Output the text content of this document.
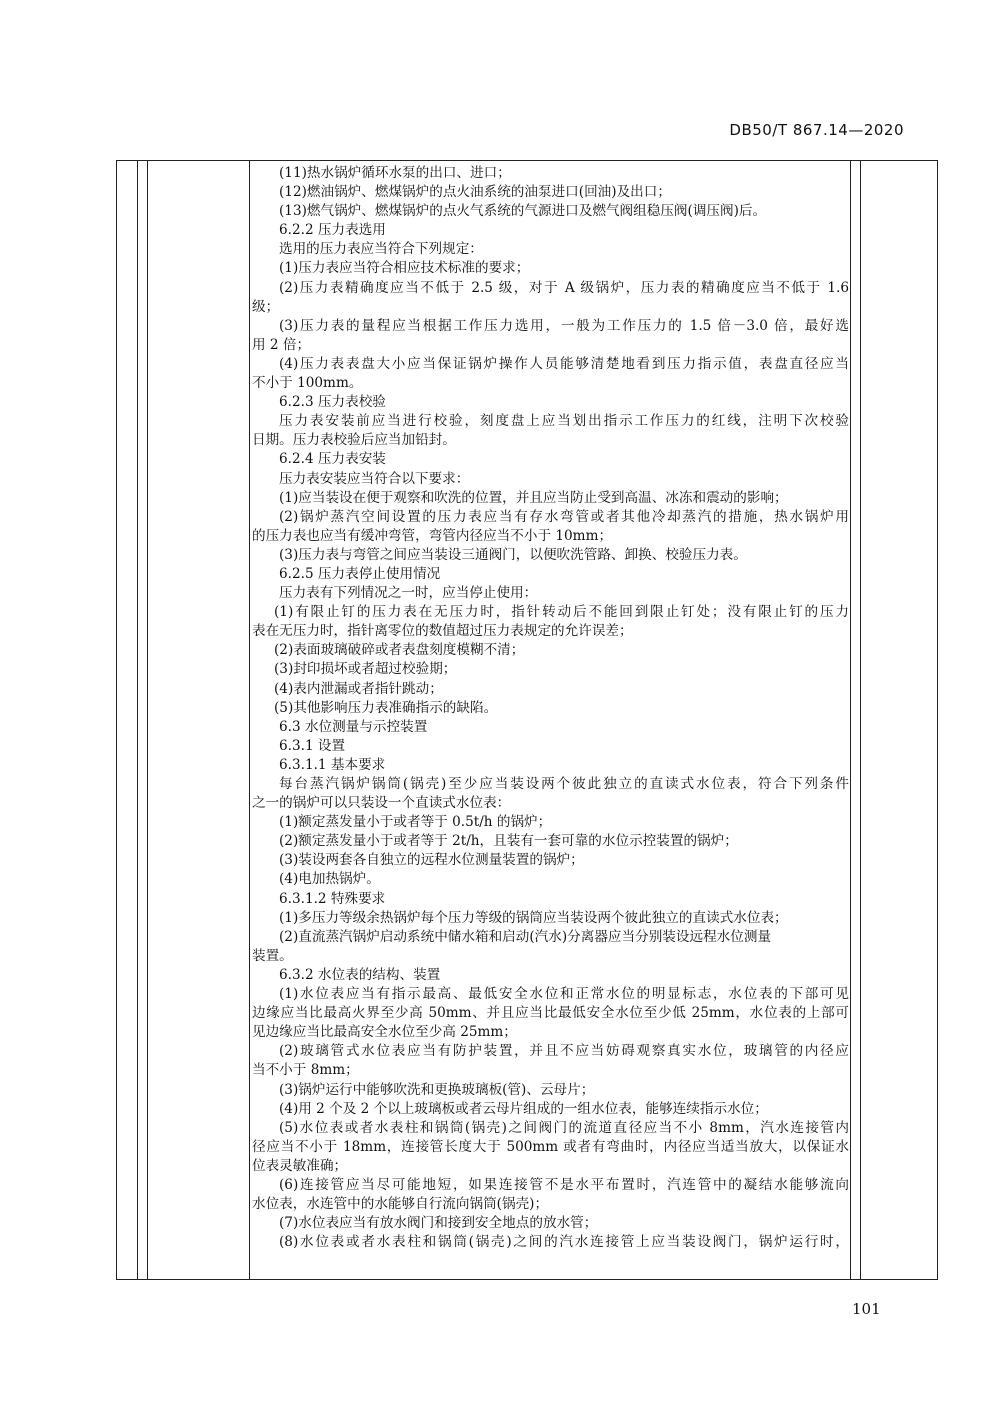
DB50/T 867.14—2020
(11)热水锅炉循环水泵的出口、进口；
(12)燃油锅炉、燃煤锅炉的点火油系统的油泵进口(回油)及出口；
(13)燃气锅炉、燃煤锅炉的点火气系统的气源进口及燃气阀组稳压阀(调压阀)后。
6.2.2 压力表选用
选用的压力表应当符合下列规定：
(1)压力表应当符合相应技术标准的要求；
(2)压力表精确度应当不低于 2.5 级，对于 A 级锅炉，压力表的精确度应当不低于 1.6
级；
(3)压力表的量程应当根据工作压力选用，一般为工作压力的 1.5 倍－3.0 倍，最好选
用 2 倍；
(4)压力表表盘大小应当保证锅炉操作人员能够清楚地看到压力指示值，表盘直径应当
不小于 100mm。
6.2.3 压力表校验
压力表安装前应当进行校验，刻度盘上应当划出指示工作压力的红线，注明下次校验
日期。压力表校验后应当加铅封。
6.2.4 压力表安装
压力表安装应当符合以下要求：
(1)应当装设在便于观察和吹洗的位置，并且应当防止受到高温、冰冻和震动的影响；
(2)锅炉蒸汽空间设置的压力表应当有存水弯管或者其他冷却蒸汽的措施，热水锅炉用
的压力表也应当有缓冲弯管，弯管内径应当不小于 10mm；
(3)压力表与弯管之间应当装设三通阀门，以便吹洗管路、卸换、校验压力表。
6.2.5 压力表停止使用情况
压力表有下列情况之一时，应当停止使用：
(1)有限止钉的压力表在无压力时，指针转动后不能回到限止钉处；没有限止钉的压力
表在无压力时，指针离零位的数值超过压力表规定的允许误差；
(2)表面玻璃破碎或者表盘刻度模糊不清；
(3)封印损坏或者超过校验期；
(4)表内泄漏或者指针跳动；
(5)其他影响压力表准确指示的缺陷。
6.3 水位测量与示控装置
6.3.1 设置
6.3.1.1 基本要求
每台蒸汽锅炉锅筒(锅壳)至少应当装设两个彼此独立的直读式水位表，符合下列条件
之一的锅炉可以只装设一个直读式水位表：
(1)额定蒸发量小于或者等于 0.5t/h 的锅炉；
(2)额定蒸发量小于或者等于 2t/h，且装有一套可靠的水位示控装置的锅炉；
(3)装设两套各自独立的远程水位测量装置的锅炉；
(4)电加热锅炉。
6.3.1.2 特殊要求
(1)多压力等级余热锅炉每个压力等级的锅筒应当装设两个彼此独立的直读式水位表；
(2)直流蒸汽锅炉启动系统中储水箱和启动(汽水)分离器应当分别装设远程水位测量
装置。
6.3.2 水位表的结构、装置
(1)水位表应当有指示最高、最低安全水位和正常水位的明显标志，水位表的下部可见
边缘应当比最高火界至少高 50mm、并且应当比最低安全水位至少低 25mm，水位表的上部可
见边缘应当比最高安全水位至少高 25mm；
(2)玻璃管式水位表应当有防护装置，并且不应当妨碍观察真实水位，玻璃管的内径应
当不小于 8mm；
(3)锅炉运行中能够吹洗和更换玻璃板(管)、云母片；
(4)用 2 个及 2 个以上玻璃板或者云母片组成的一组水位表，能够连续指示水位；
(5)水位表或者水表柱和锅筒(锅壳)之间阀门的流道直径应当不小 8mm，汽水连接管内
径应当不小于 18mm，连接管长度大于 500mm 或者有弯曲时，内径应当适当放大，以保证水
位表灵敏准确；
(6)连接管应当尽可能地短，如果连接管不是水平布置时，汽连管中的凝结水能够流向
水位表，水连管中的水能够自行流向锅筒(锅壳)；
(7)水位表应当有放水阀门和接到安全地点的放水管；
(8)水位表或者水表柱和锅筒(锅壳)之间的汽水连接管上应当装设阀门，锅炉运行时，
101
